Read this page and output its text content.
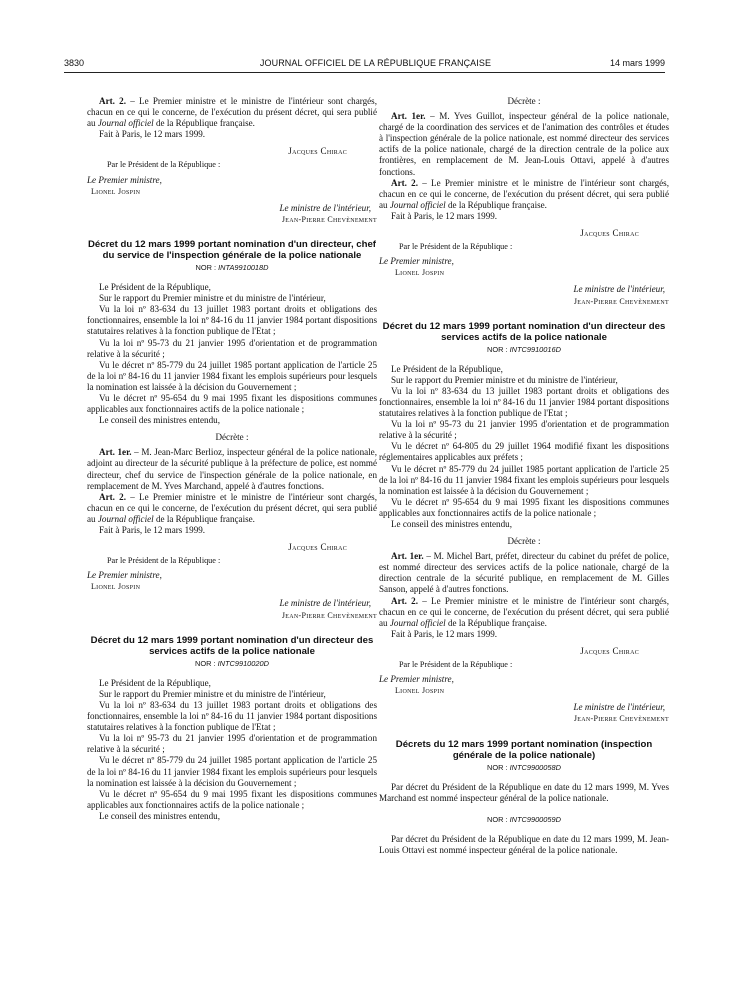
3830	JOURNAL OFFICIEL DE LA RÉPUBLIQUE FRANÇAISE	14 mars 1999

Art. 2. – Le Premier ministre et le ministre de l'intérieur sont chargés, chacun en ce qui le concerne, de l'exécution du présent décret, qui sera publié au Journal officiel de la République française.

Fait à Paris, le 12 mars 1999.

Jacques Chirac
Par le Président de la République :
Le Premier ministre,
Lionel Jospin
Le ministre de l'intérieur,
Jean-Pierre Chevènement
Décret du 12 mars 1999 portant nomination d'un directeur, chef du service de l'inspection générale de la police nationale
NOR : INTA9910018D

Le Président de la République,

Sur le rapport du Premier ministre et du ministre de l'intérieur,

Vu la loi nº 83-634 du 13 juillet 1983 portant droits et obligations des fonctionnaires, ensemble la loi nº 84-16 du 11 janvier 1984 portant dispositions statutaires relatives à la fonction publique de l'Etat ;

Vu la loi nº 95-73 du 21 janvier 1995 d'orientation et de programmation relative à la sécurité ;

Vu le décret nº 85-779 du 24 juillet 1985 portant application de l'article 25 de la loi nº 84-16 du 11 janvier 1984 fixant les emplois supérieurs pour lesquels la nomination est laissée à la décision du Gouvernement ;

Vu le décret nº 95-654 du 9 mai 1995 fixant les dispositions communes applicables aux fonctionnaires actifs de la police nationale ;

Le conseil des ministres entendu,

Décrète :

Art. 1er. – M. Jean-Marc Berlioz, inspecteur général de la police nationale, adjoint au directeur de la sécurité publique à la préfecture de police, est nommé directeur, chef du service de l'inspection générale de la police nationale, en remplacement de M. Yves Marchand, appelé à d'autres fonctions.

Art. 2. – Le Premier ministre et le ministre de l'intérieur sont chargés, chacun en ce qui le concerne, de l'exécution du présent décret, qui sera publié au Journal officiel de la République française.

Fait à Paris, le 12 mars 1999.

Jacques Chirac
Par le Président de la République :
Le Premier ministre,
Lionel Jospin
Le ministre de l'intérieur,
Jean-Pierre Chevènement
Décret du 12 mars 1999 portant nomination d'un directeur des services actifs de la police nationale
NOR : INTC9910020D

Le Président de la République,

Sur le rapport du Premier ministre et du ministre de l'intérieur,

Vu la loi nº 83-634 du 13 juillet 1983 portant droits et obligations des fonctionnaires, ensemble la loi nº 84-16 du 11 janvier 1984 portant dispositions statutaires relatives à la fonction publique de l'Etat ;

Vu la loi nº 95-73 du 21 janvier 1995 d'orientation et de programmation relative à la sécurité ;

Vu le décret nº 85-779 du 24 juillet 1985 portant application de l'article 25 de la loi nº 84-16 du 11 janvier 1984 fixant les emplois supérieurs pour lesquels la nomination est laissée à la décision du Gouvernement ;

Vu le décret nº 95-654 du 9 mai 1995 fixant les dispositions communes applicables aux fonctionnaires actifs de la police nationale ;

Le conseil des ministres entendu,

Décrète :

Art. 1er. – M. Yves Guillot, inspecteur général de la police nationale, chargé de la coordination des services et de l'animation des contrôles et études à l'inspection générale de la police nationale, est nommé directeur des services actifs de la police nationale, chargé de la direction centrale de la police aux frontières, en remplacement de M. Jean-Louis Ottavi, appelé à d'autres fonctions.

Art. 2. – Le Premier ministre et le ministre de l'intérieur sont chargés, chacun en ce qui le concerne, de l'exécution du présent décret, qui sera publié au Journal officiel de la République française.

Fait à Paris, le 12 mars 1999.

Jacques Chirac
Par le Président de la République :
Le Premier ministre,
Lionel Jospin
Le ministre de l'intérieur,
Jean-Pierre Chevènement
Décret du 12 mars 1999 portant nomination d'un directeur des services actifs de la police nationale
NOR : INTC9910016D

Le Président de la République,

Sur le rapport du Premier ministre et du ministre de l'intérieur,

Vu la loi nº 83-634 du 13 juillet 1983 portant droits et obligations des fonctionnaires, ensemble la loi nº 84-16 du 11 janvier 1984 portant dispositions statutaires relatives à la fonction publique de l'Etat ;

Vu la loi nº 95-73 du 21 janvier 1995 d'orientation et de programmation relative à la sécurité ;

Vu le décret nº 64-805 du 29 juillet 1964 modifié fixant les dispositions réglementaires applicables aux préfets ;

Vu le décret nº 85-779 du 24 juillet 1985 portant application de l'article 25 de la loi nº 84-16 du 11 janvier 1984 fixant les emplois supérieurs pour lesquels la nomination est laissée à la décision du Gouvernement ;

Vu le décret nº 95-654 du 9 mai 1995 fixant les dispositions communes applicables aux fonctionnaires actifs de la police nationale ;

Le conseil des ministres entendu,

Décrète :

Art. 1er. – M. Michel Bart, préfet, directeur du cabinet du préfet de police, est nommé directeur des services actifs de la police nationale, chargé de la direction centrale de la sécurité publique, en remplacement de M. Gilles Sanson, appelé à d'autres fonctions.

Art. 2. – Le Premier ministre et le ministre de l'intérieur sont chargés, chacun en ce qui le concerne, de l'exécution du présent décret, qui sera publié au Journal officiel de la République française.

Fait à Paris, le 12 mars 1999.

Jacques Chirac
Par le Président de la République :
Le Premier ministre,
Lionel Jospin
Le ministre de l'intérieur,
Jean-Pierre Chevènement
Décrets du 12 mars 1999 portant nomination (inspection générale de la police nationale)
NOR : INTC9900058D

Par décret du Président de la République en date du 12 mars 1999, M. Yves Marchand est nommé inspecteur général de la police nationale.

NOR : INTC9900059D

Par décret du Président de la République en date du 12 mars 1999, M. Jean-Louis Ottavi est nommé inspecteur général de la police nationale.
